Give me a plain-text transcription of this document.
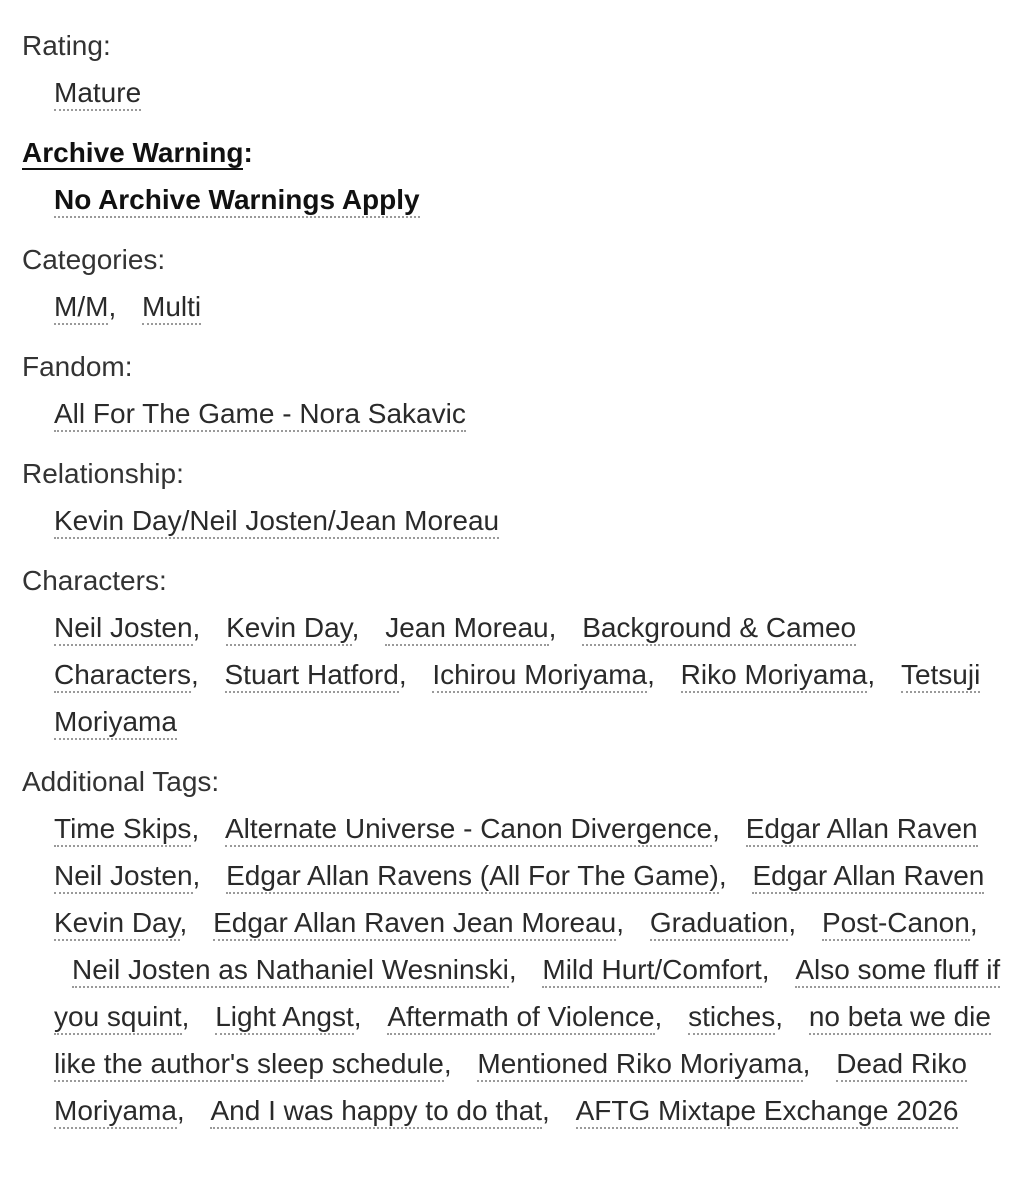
Rating:
Mature
Archive Warning:
No Archive Warnings Apply
Categories:
M/M, Multi
Fandom:
All For The Game - Nora Sakavic
Relationship:
Kevin Day/Neil Josten/Jean Moreau
Characters:
Neil Josten, Kevin Day, Jean Moreau, Background & Cameo Characters, Stuart Hatford, Ichirou Moriyama, Riko Moriyama, Tetsuji Moriyama
Additional Tags:
Time Skips, Alternate Universe - Canon Divergence, Edgar Allan Raven Neil Josten, Edgar Allan Ravens (All For The Game), Edgar Allan Raven Kevin Day, Edgar Allan Raven Jean Moreau, Graduation, Post-Canon, Neil Josten as Nathaniel Wesninski, Mild Hurt/Comfort, Also some fluff if you squint, Light Angst, Aftermath of Violence, stiches, no beta we die like the author's sleep schedule, Mentioned Riko Moriyama, Dead Riko Moriyama, And I was happy to do that, AFTG Mixtape Exchange 2026
